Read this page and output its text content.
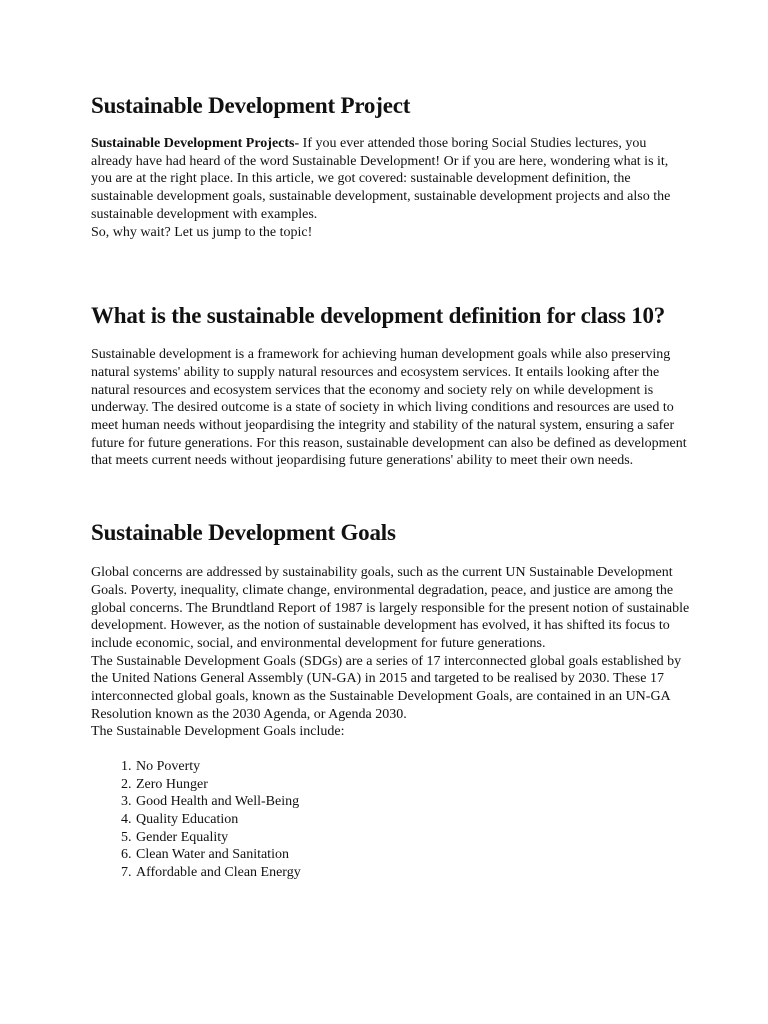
Sustainable Development Project

Sustainable Development Projects- If you ever attended those boring Social Studies lectures, you already have had heard of the word Sustainable Development! Or if you are here, wondering what is it, you are at the right place. In this article, we got covered: sustainable development definition, the sustainable development goals, sustainable development, sustainable development projects and also the sustainable development with examples.

So, why wait? Let us jump to the topic!

What is the sustainable development definition for class 10?

Sustainable development is a framework for achieving human development goals while also preserving natural systems' ability to supply natural resources and ecosystem services. It entails looking after the natural resources and ecosystem services that the economy and society rely on while development is underway. The desired outcome is a state of society in which living conditions and resources are used to meet human needs without jeopardising the integrity and stability of the natural system, ensuring a safer future for future generations. For this reason, sustainable development can also be defined as development that meets current needs without jeopardising future generations' ability to meet their own needs.

Sustainable Development Goals

Global concerns are addressed by sustainability goals, such as the current UN Sustainable Development Goals. Poverty, inequality, climate change, environmental degradation, peace, and justice are among the global concerns. The Brundtland Report of 1987 is largely responsible for the present notion of sustainable development. However, as the notion of sustainable development has evolved, it has shifted its focus to include economic, social, and environmental development for future generations.

The Sustainable Development Goals (SDGs) are a series of 17 interconnected global goals established by the United Nations General Assembly (UN-GA) in 2015 and targeted to be realised by 2030. These 17 interconnected global goals, known as the Sustainable Development Goals, are contained in an UN-GA Resolution known as the 2030 Agenda, or Agenda 2030.

The Sustainable Development Goals include:

1. No Poverty
2. Zero Hunger
3. Good Health and Well-Being
4. Quality Education
5. Gender Equality
6. Clean Water and Sanitation
7. Affordable and Clean Energy
